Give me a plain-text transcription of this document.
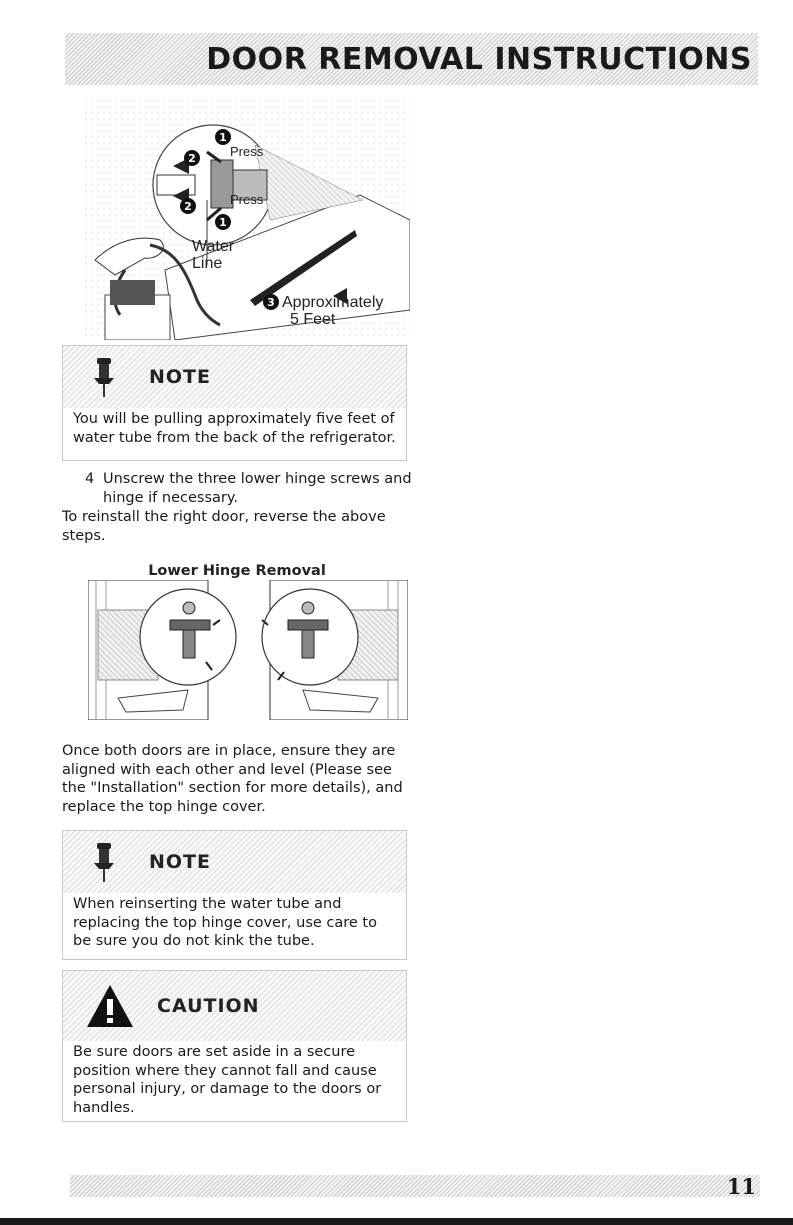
DOOR REMOVAL INSTRUCTIONS
1
2
2
1
3
Press
Press
Water Line
Approximately
5 Feet
NOTE
You will be pulling approximately five feet of water tube from the back of the refrigerator.
4 Unscrew the three lower hinge screws and hinge if necessary.
To reinstall the right door, reverse the above steps.
Lower Hinge Removal
Once both doors are in place, ensure they are aligned with each other and level (Please see the "Installation" section for more details), and replace the top hinge cover.
NOTE
When reinserting the water tube and replacing the top hinge cover, use care to be sure you do not kink the tube.
CAUTION
Be sure doors are set aside in a secure position where they cannot fall and cause personal injury, or damage to the doors or handles.
11
